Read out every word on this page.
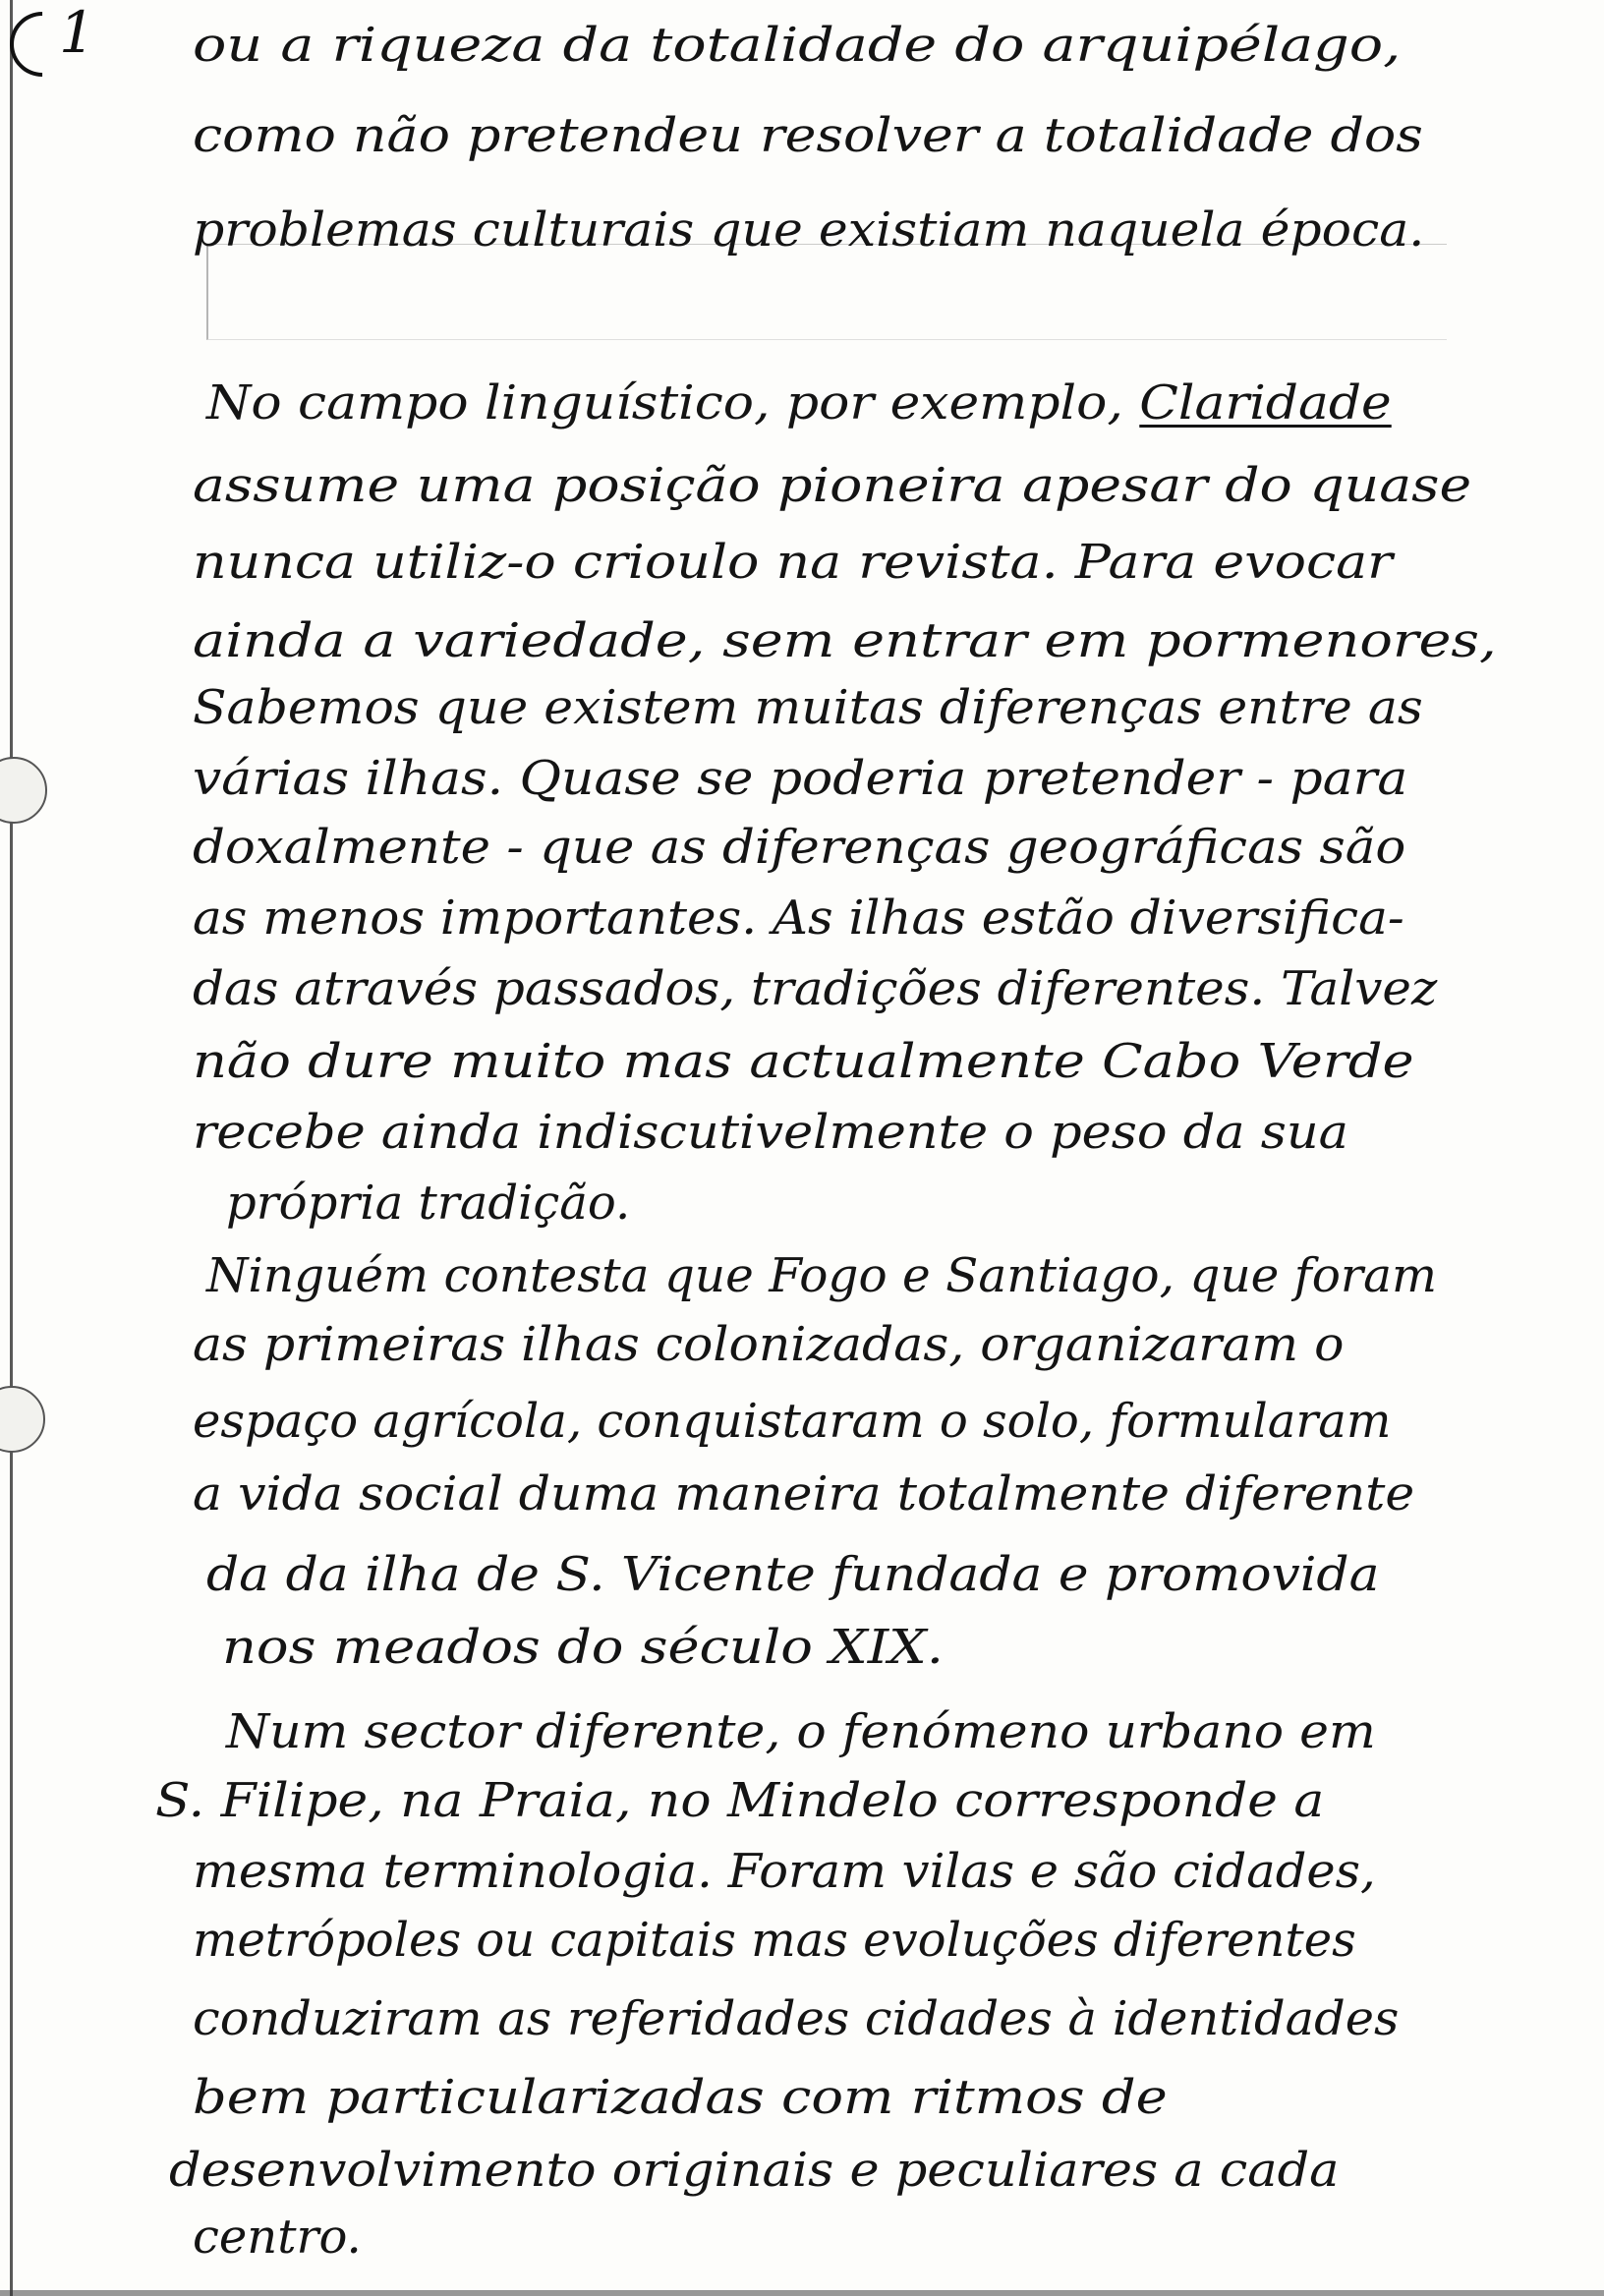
1 ou a riqueza da totalidade do arquipélago,

como não pretendeu resolver a totalidade dos

problemas culturais que existiam naquela época.

No campo linguístico, por exemplo, Claridade

assume uma posição pioneira apesar do quase

nunca utiliz-o crioulo na revista. Para evocar

ainda a variedade, sem entrar em pormenores,

Sabemos que existem muitas diferenças entre as

várias ilhas. Quase se poderia pretender - para

doxalmente - que as diferenças geográficas são

as menos importantes. As ilhas estão diversifica-

das através passados, tradições diferentes. Talvez

não dure muito mas actualmente Cabo Verde

recebe ainda indiscutivelmente o peso da sua

própria tradição.

Ninguém contesta que Fogo e Santiago, que foram

as primeiras ilhas colonizadas, organizaram o

espaço agrícola, conquistaram o solo, formularam

a vida social duma maneira totalmente diferente

da da ilha de S. Vicente fundada e promovida

nos meados do século XIX.

Num sector diferente, o fenómeno urbano em

S. Filipe, na Praia, no Mindelo corresponde a

mesma terminologia. Foram vilas e são cidades,

metrópoles ou capitais mas evoluções diferentes

conduziram as referidades cidades à identidades

bem particularizadas com ritmos de

desenvolvimento originais e peculiares a cada

centro.
